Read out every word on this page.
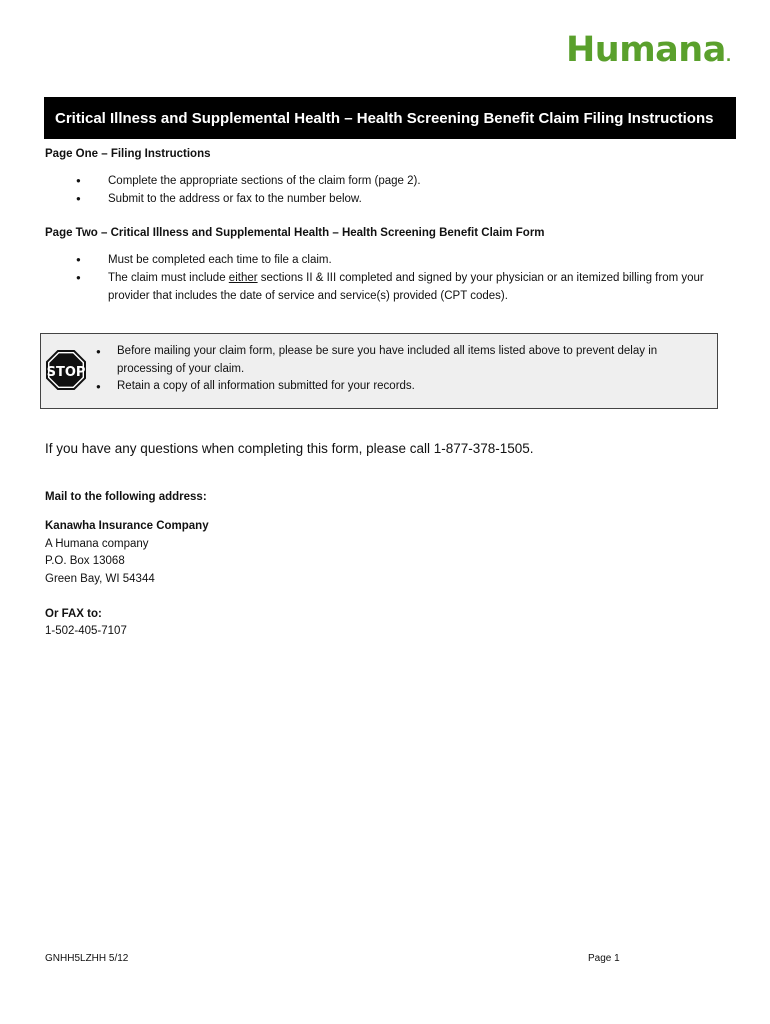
Humana.
Critical Illness and Supplemental Health – Health Screening Benefit Claim Filing Instructions
Page One – Filing Instructions
● Complete the appropriate sections of the claim form (page 2).
● Submit to the address or fax to the number below.
Page Two – Critical Illness and Supplemental Health – Health Screening Benefit Claim Form
● Must be completed each time to file a claim.
● The claim must include either sections II & III completed and signed by your physician or an itemized billing from your provider that includes the date of service and service(s) provided (CPT codes).
STOP
● Before mailing your claim form, please be sure you have included all items listed above to prevent delay in processing of your claim.
● Retain a copy of all information submitted for your records.
If you have any questions when completing this form, please call 1-877-378-1505.
Mail to the following address:
Kanawha Insurance Company
A Humana company
P.O. Box 13068
Green Bay, WI 54344
Or FAX to:
1-502-405-7107
GNHH5LZHH 5/12	Page 1
